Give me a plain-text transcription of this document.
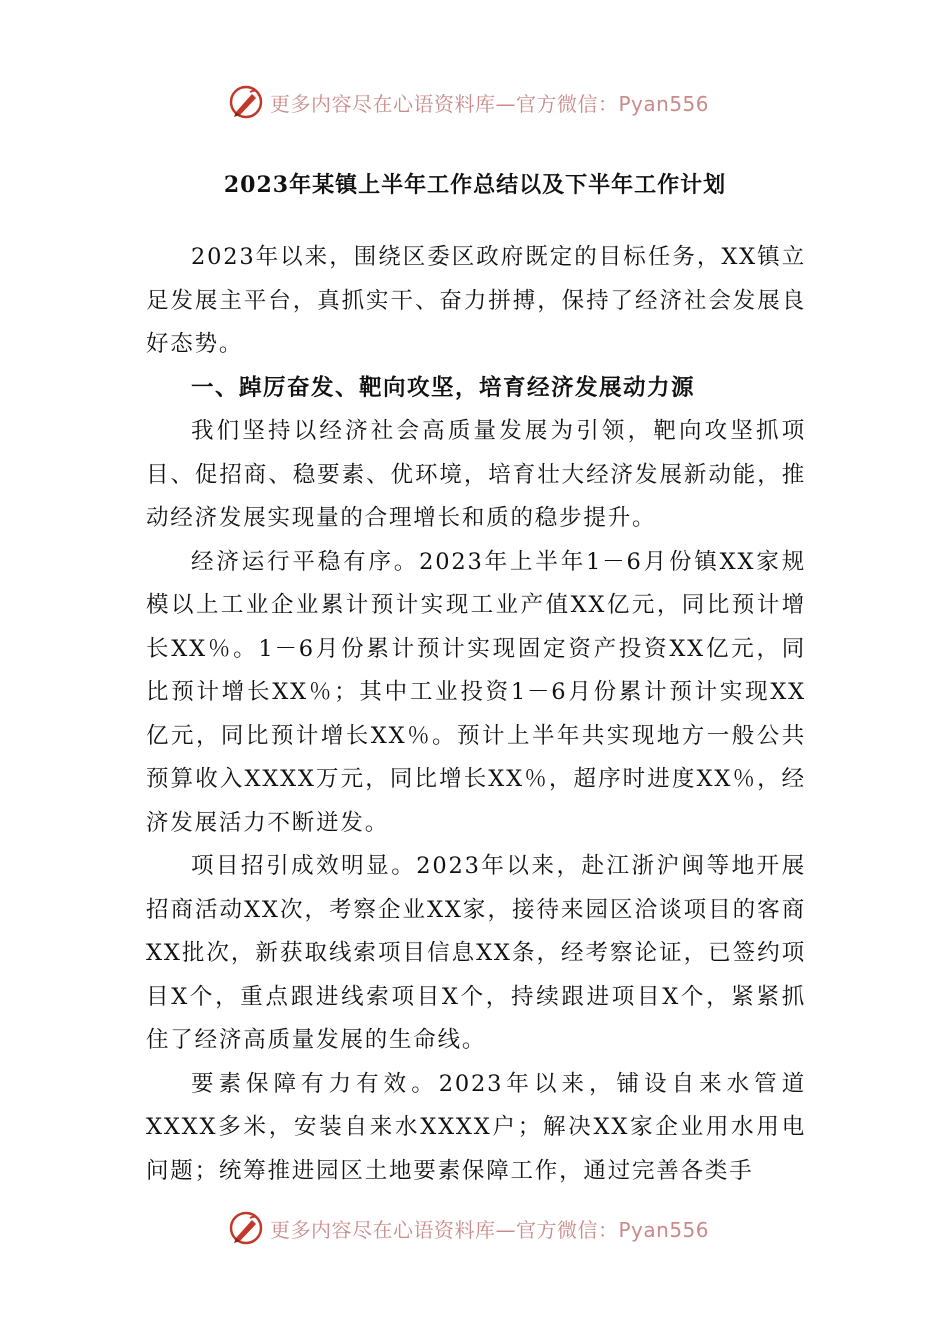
更多内容尽在心语资料库—官方微信：Pyan556
2023年某镇上半年工作总结以及下半年工作计划

2023年以来，围绕区委区政府既定的目标任务，XX镇立足发展主平台，真抓实干、奋力拼搏，保持了经济社会发展良好态势。

一、踔厉奋发、靶向攻坚，培育经济发展动力源

我们坚持以经济社会高质量发展为引领，靶向攻坚抓项目、促招商、稳要素、优环境，培育壮大经济发展新动能，推动经济发展实现量的合理增长和质的稳步提升。

经济运行平稳有序。2023年上半年1－6月份镇XX家规模以上工业企业累计预计实现工业产值XX亿元，同比预计增长XX％。1－6月份累计预计实现固定资产投资XX亿元，同比预计增长XX％；其中工业投资1－6月份累计预计实现XX亿元，同比预计增长XX％。预计上半年共实现地方一般公共预算收入XXXX万元，同比增长XX％，超序时进度XX％，经济发展活力不断迸发。

项目招引成效明显。2023年以来，赴江浙沪闽等地开展招商活动XX次，考察企业XX家，接待来园区洽谈项目的客商XX批次，新获取线索项目信息XX条，经考察论证，已签约项目X个，重点跟进线索项目X个，持续跟进项目X个，紧紧抓住了经济高质量发展的生命线。

要素保障有力有效。2023年以来，铺设自来水管道XXXX多米，安装自来水XXXX户；解决XX家企业用水用电问题；统筹推进园区土地要素保障工作，通过完善各类手

更多内容尽在心语资料库—官方微信：Pyan556
